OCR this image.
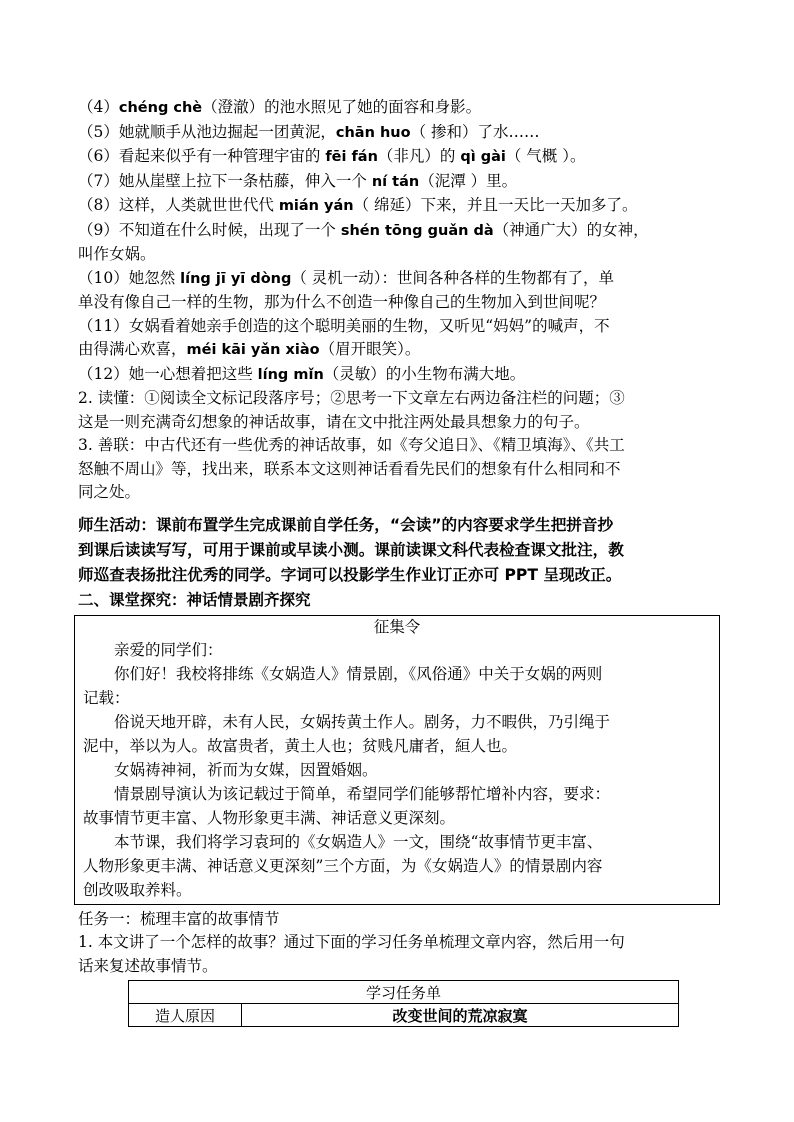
（4）chéng chè（澄澈）的池水照见了她的面容和身影。
（5）她就顺手从池边掘起一团黄泥，chān huo（ 掺和）了水……
（6）看起来似乎有一种管理宇宙的 fēi fán（非凡）的 qì gài（ 气概 ）。
（7）她从崖壁上拉下一条枯藤，伸入一个 ní tán（泥潭 ）里。
（8）这样，人类就世世代代 mián yán（ 绵延）下来，并且一天比一天加多了。
（9）不知道在什么时候，出现了一个 shén tōng guǎn dà（神通广大）的女神，
叫作女娲。
（10）她忽然 líng jī yī dòng（ 灵机一动）：世间各种各样的生物都有了，单
单没有像自己一样的生物，那为什么不创造一种像自己的生物加入到世间呢？
（11）女娲看着她亲手创造的这个聪明美丽的生物，又听见“妈妈”的喊声，不
由得满心欢喜，méi kāi yǎn xiào（眉开眼笑）。
（12）她一心想着把这些 líng mǐn（灵敏）的小生物布满大地。
2. 读懂：①阅读全文标记段落序号；②思考一下文章左右两边备注栏的问题；③
这是一则充满奇幻想象的神话故事，请在文中批注两处最具想象力的句子。
3. 善联：中古代还有一些优秀的神话故事，如《夸父追日》、《精卫填海》、《共工
怒触不周山》等，找出来，联系本文这则神话看看先民们的想象有什么相同和不
同之处。
师生活动：课前布置学生完成课前自学任务，“会读”的内容要求学生把拼音抄
到课后读读写写，可用于课前或早读小测。课前读课文科代表检查课文批注，教
师巡查表扬批注优秀的同学。字词可以投影学生作业订正亦可 PPT 呈现改正。
二、课堂探究：神话情景剧齐探究
征集令
亲爱的同学们：
你们好！我校将排练《女娲造人》情景剧，《风俗通》中关于女娲的两则
记载：
俗说天地开辟，未有人民，女娲抟黄土作人。剧务，力不暇供，乃引绳于
泥中，举以为人。故富贵者，黄土人也；贫贱凡庸者，絙人也。
女娲祷神祠，祈而为女媒，因置婚姻。
情景剧导演认为该记载过于简单，希望同学们能够帮忙增补内容，要求：
故事情节更丰富、人物形象更丰满、神话意义更深刻。
本节课，我们将学习袁珂的《女娲造人》一文，围绕“故事情节更丰富、
人物形象更丰满、神话意义更深刻”三个方面，为《女娲造人》的情景剧内容
创改吸取养料。
任务一：梳理丰富的故事情节
1. 本文讲了一个怎样的故事？通过下面的学习任务单梳理文章内容，然后用一句
话来复述故事情节。
学习任务单
造人原因	改变世间的荒凉寂寞
